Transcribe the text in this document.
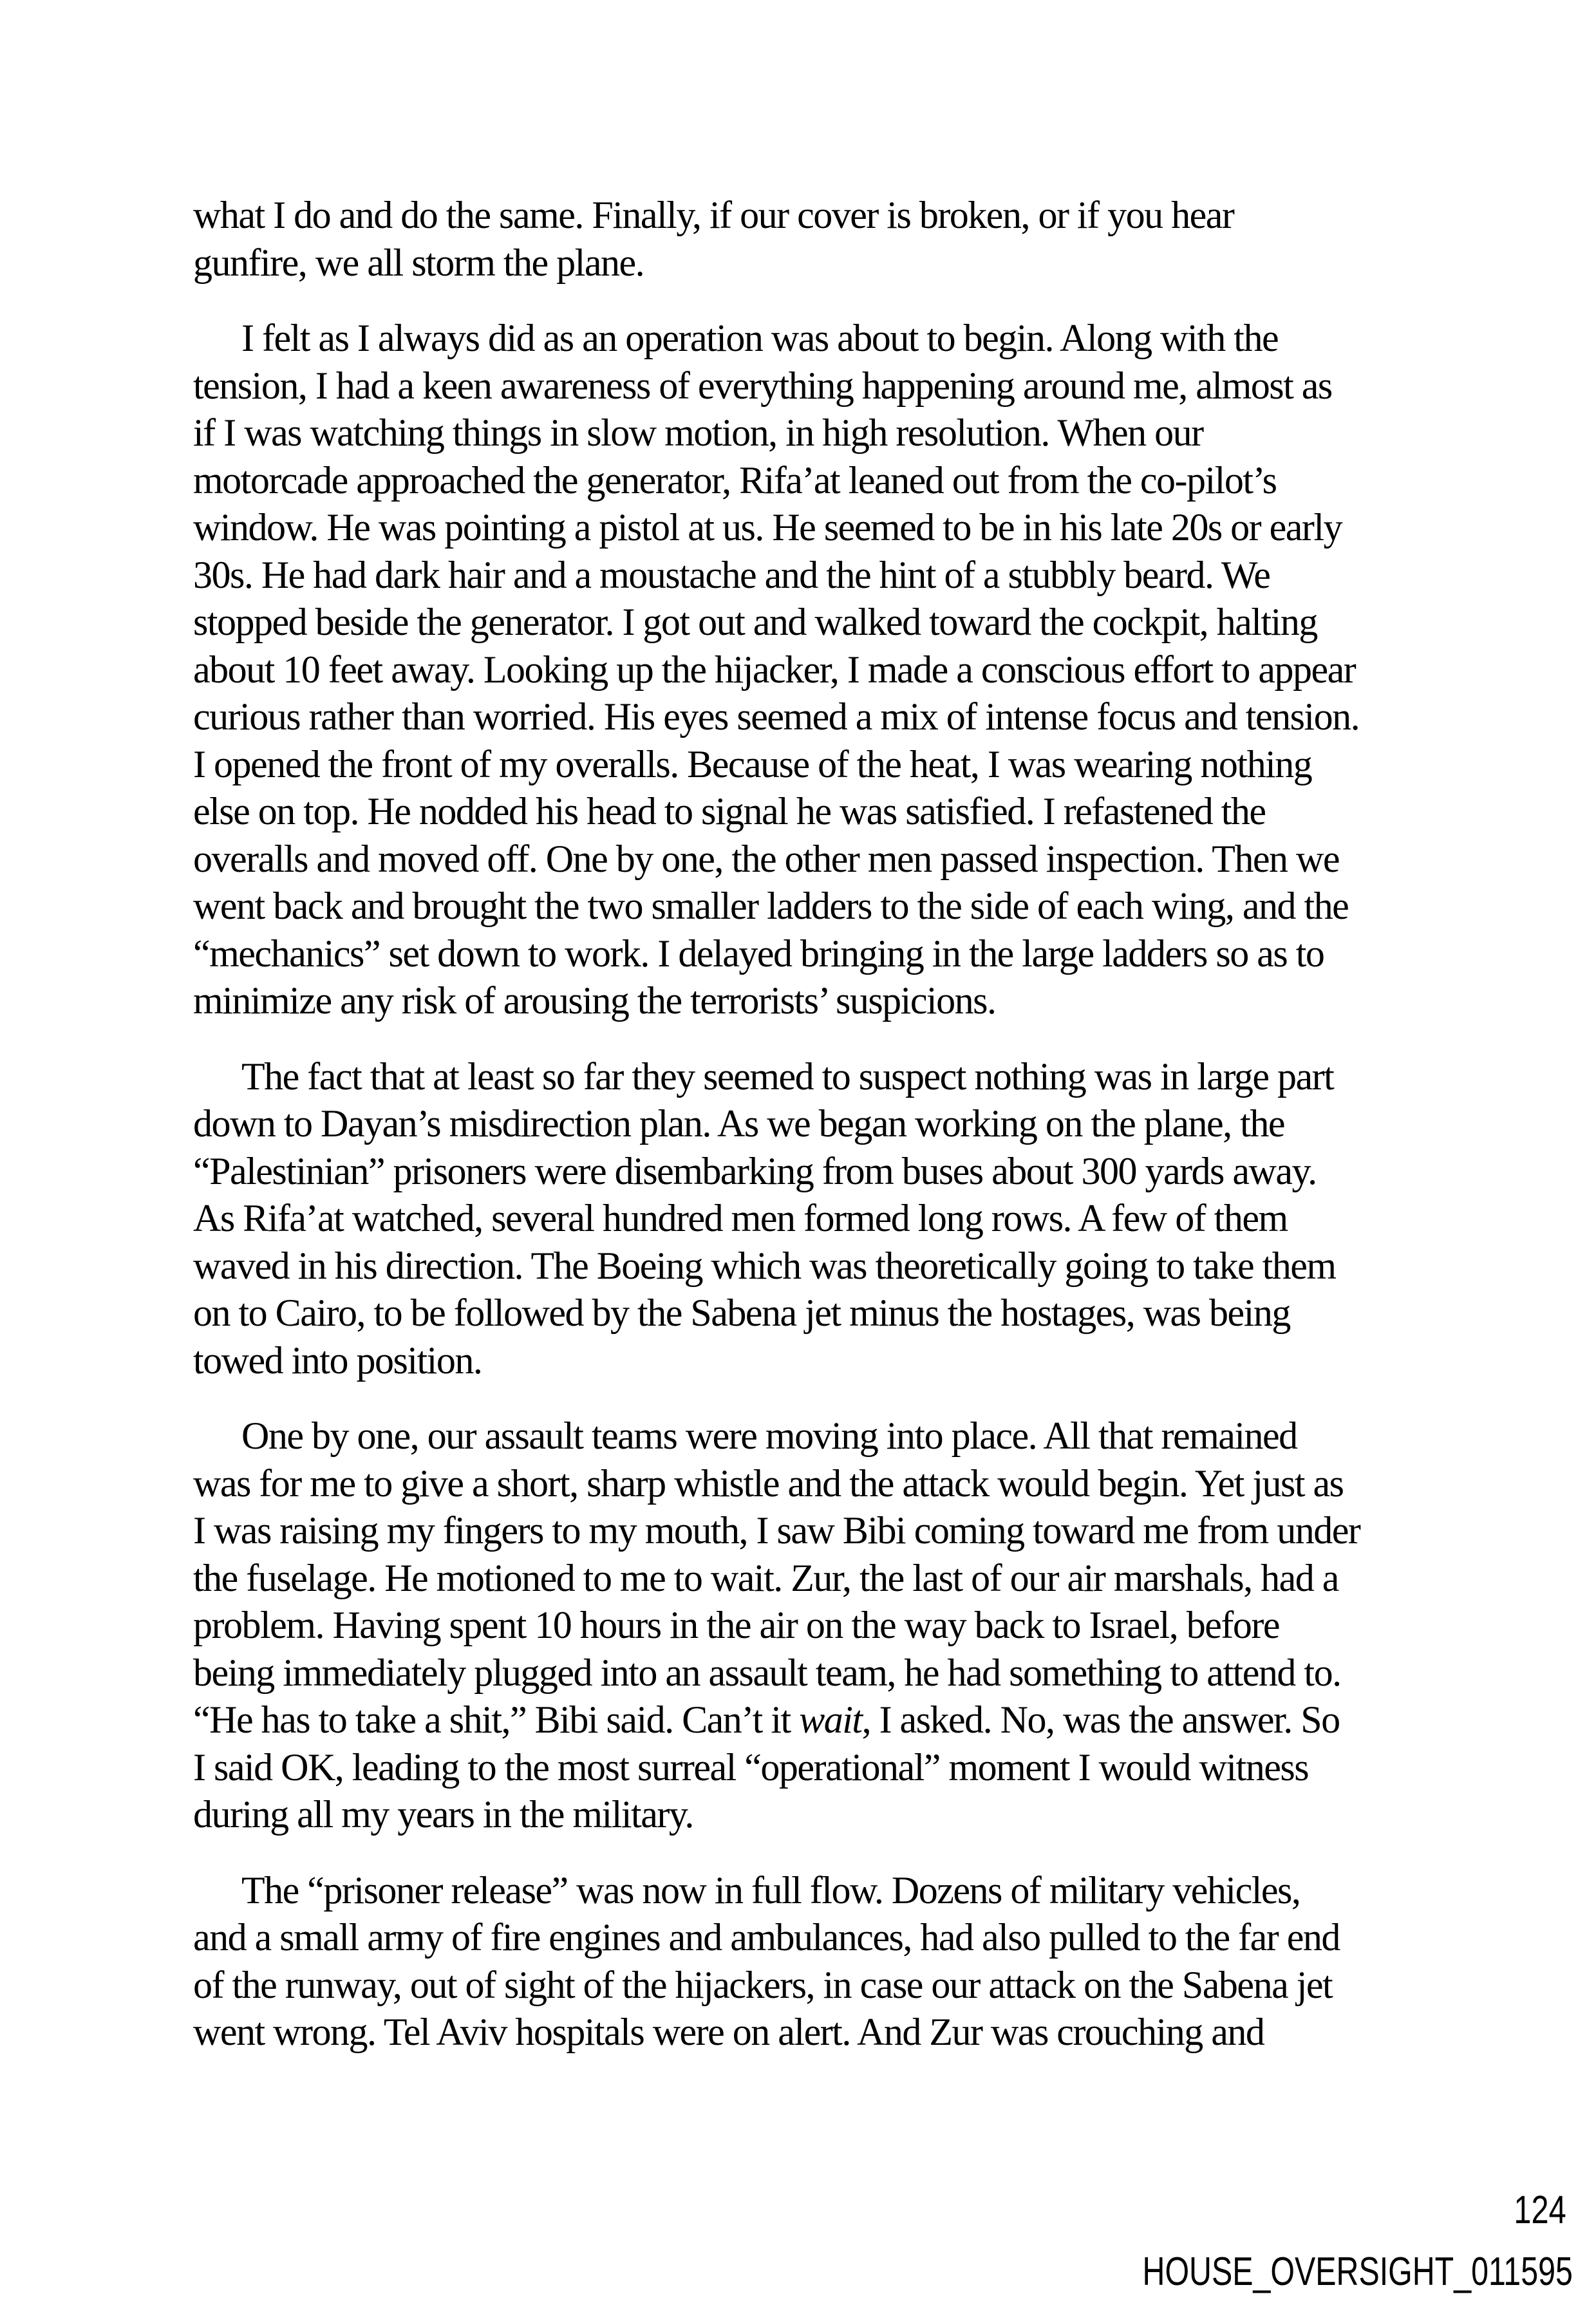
what I do and do the same. Finally, if our cover is broken, or if you hear
gunfire, we all storm the plane.
I felt as I always did as an operation was about to begin. Along with the
tension, I had a keen awareness of everything happening around me, almost as
if I was watching things in slow motion, in high resolution. When our
motorcade approached the generator, Rifa’at leaned out from the co-pilot’s
window. He was pointing a pistol at us. He seemed to be in his late 20s or early
30s. He had dark hair and a moustache and the hint of a stubbly beard. We
stopped beside the generator. I got out and walked toward the cockpit, halting
about 10 feet away. Looking up the hijacker, I made a conscious effort to appear
curious rather than worried. His eyes seemed a mix of intense focus and tension.
I opened the front of my overalls. Because of the heat, I was wearing nothing
else on top. He nodded his head to signal he was satisfied. I refastened the
overalls and moved off. One by one, the other men passed inspection. Then we
went back and brought the two smaller ladders to the side of each wing, and the
“mechanics” set down to work. I delayed bringing in the large ladders so as to
minimize any risk of arousing the terrorists’ suspicions.
The fact that at least so far they seemed to suspect nothing was in large part
down to Dayan’s misdirection plan. As we began working on the plane, the
“Palestinian” prisoners were disembarking from buses about 300 yards away.
As Rifa’at watched, several hundred men formed long rows. A few of them
waved in his direction. The Boeing which was theoretically going to take them
on to Cairo, to be followed by the Sabena jet minus the hostages, was being
towed into position.
One by one, our assault teams were moving into place. All that remained
was for me to give a short, sharp whistle and the attack would begin. Yet just as
I was raising my fingers to my mouth, I saw Bibi coming toward me from under
the fuselage. He motioned to me to wait. Zur, the last of our air marshals, had a
problem. Having spent 10 hours in the air on the way back to Israel, before
being immediately plugged into an assault team, he had something to attend to.
“He has to take a shit,” Bibi said. Can’t it wait, I asked. No, was the answer. So
I said OK, leading to the most surreal “operational” moment I would witness
during all my years in the military.
The “prisoner release” was now in full flow. Dozens of military vehicles,
and a small army of fire engines and ambulances, had also pulled to the far end
of the runway, out of sight of the hijackers, in case our attack on the Sabena jet
went wrong. Tel Aviv hospitals were on alert. And Zur was crouching and
124
HOUSE_OVERSIGHT_011595
